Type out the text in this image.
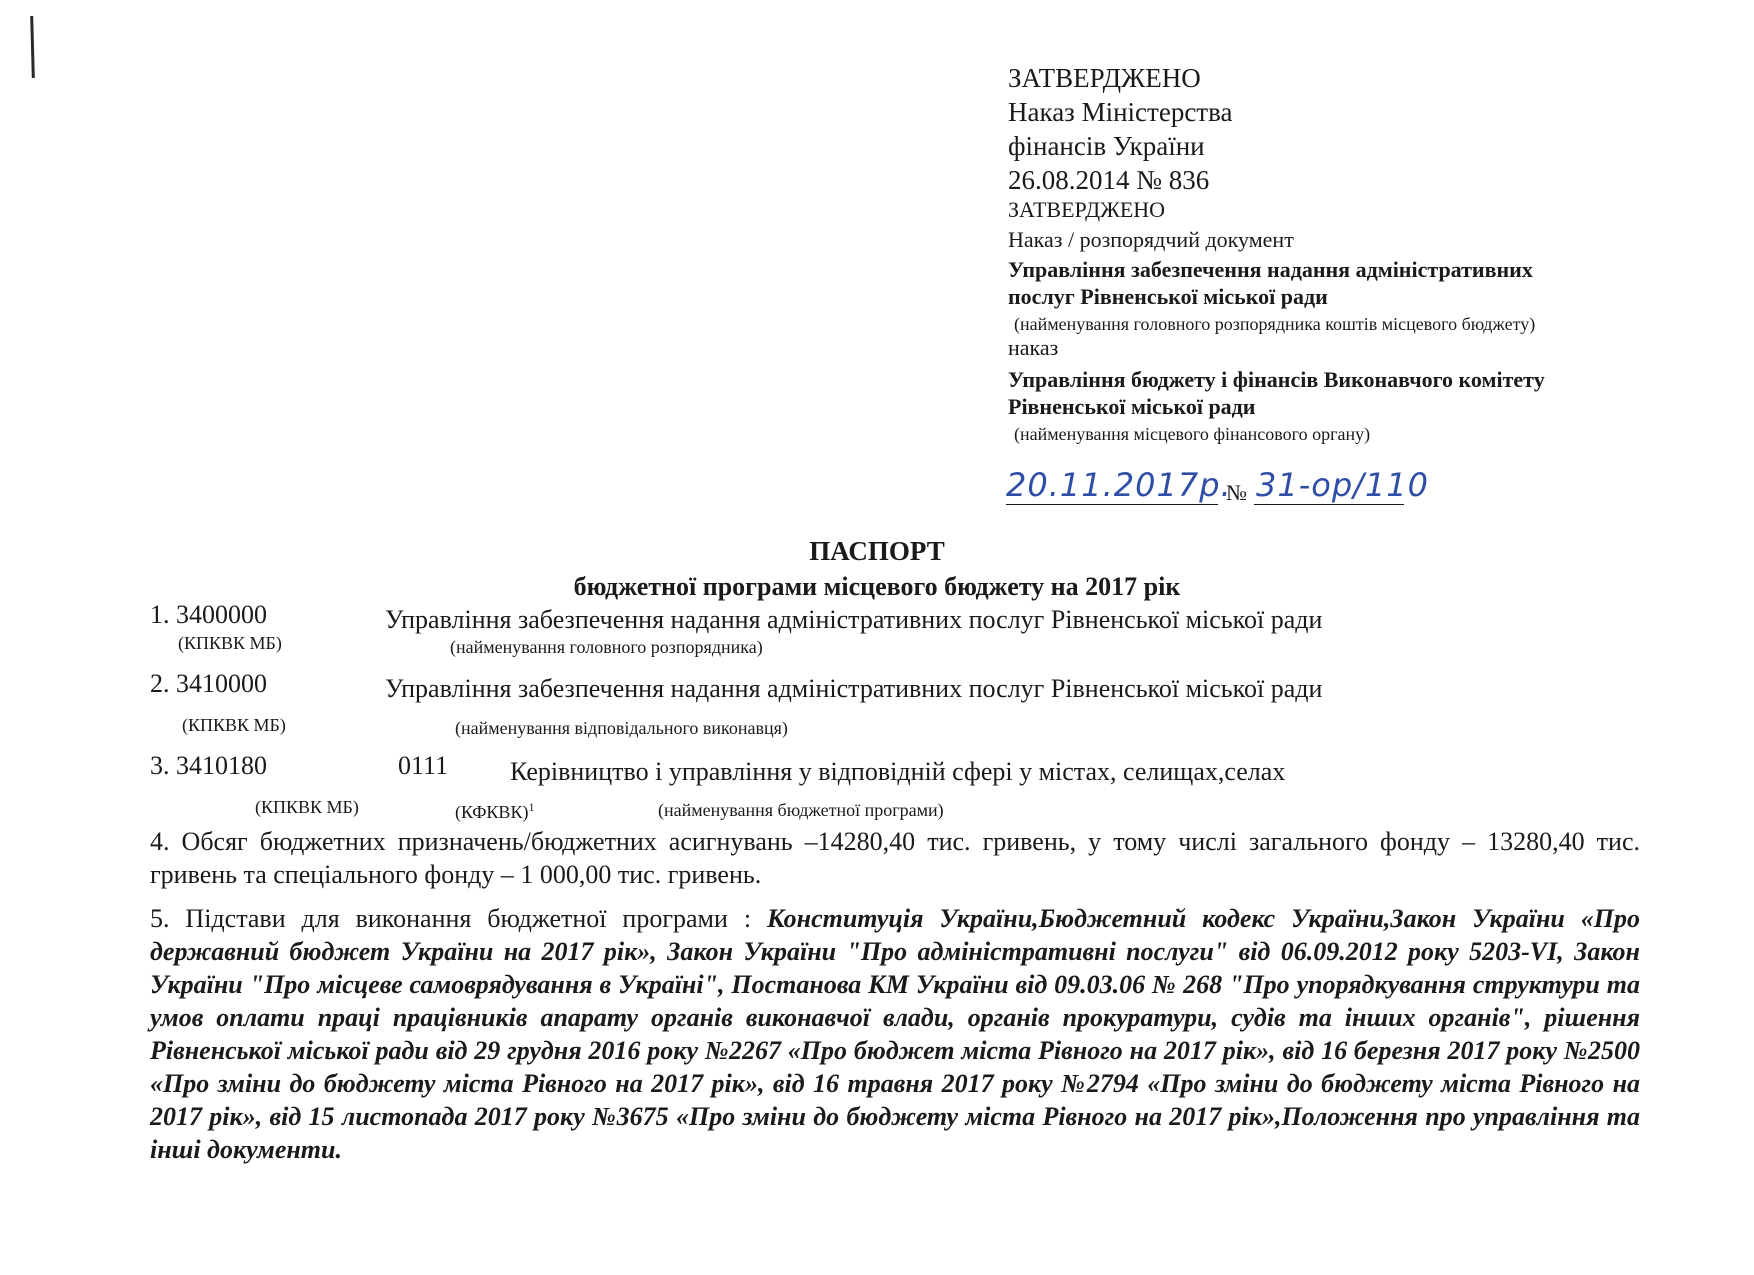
ЗАТВЕРДЖЕНО
Наказ Міністерства
фінансів України
26.08.2014 № 836
ЗАТВЕРДЖЕНО
Наказ / розпорядчий документ
Управління забезпечення надання адміністративних
послуг Рівненської міської ради
(найменування головного розпорядника коштів місцевого бюджету)
наказ
Управління бюджету і фінансів Виконавчого комітету
Рівненської міської ради
(найменування місцевого фінансового органу)
20.11.2017р.
№ 31-ор/110
ПАСПОРТ
бюджетної програми місцевого бюджету на 2017 рік
1. 3400000	Управління забезпечення надання адміністративних послуг Рівненської міської ради
(КПКВК МБ)	(найменування головного розпорядника)
2. 3410000	Управління забезпечення надання адміністративних послуг Рівненської міської ради
(КПКВК МБ)	(найменування відповідального виконавця)
3. 3410180	0111 Керівництво і управління у відповідній сфері у містах, селищах,селах
(КПКВК МБ)	(КФКВК)$^1$	(найменування бюджетної програми)
4. Обсяг бюджетних призначень/бюджетних асигнувань –14280,40 тис. гривень, у тому числі загального фонду – 13280,40 тис. гривень та спеціального фонду – 1 000,00 тис. гривень.
5. Підстави для виконання бюджетної програми : Конституція України,Бюджетний кодекс України,Закон України «Про державний бюджет України на 2017 рік», Закон України "Про адміністративні послуги" від 06.09.2012 року 5203-VI, Закон України "Про місцеве самоврядування в Україні", Постанова КМ України від 09.03.06 № 268 "Про упорядкування структури та умов оплати праці працівників апарату органів виконавчої влади, органів прокуратури, судів та інших органів", рішення Рівненської міської ради від 29 грудня 2016 року №2267 «Про бюджет міста Рівного на 2017 рік», від 16 березня 2017 року №2500 «Про зміни до бюджету міста Рівного на 2017 рік», від 16 травня 2017 року №2794 «Про зміни до бюджету міста Рівного на 2017 рік», від 15 листопада 2017 року №3675 «Про зміни до бюджету міста Рівного на 2017 рік»,Положення про управління та інші документи.
